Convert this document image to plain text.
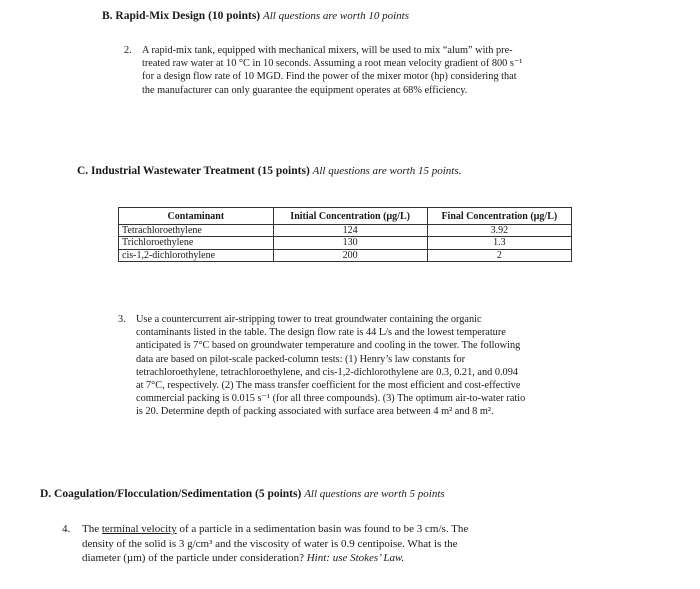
B. Rapid-Mix Design (10 points) All questions are worth 10 points
2. A rapid-mix tank, equipped with mechanical mixers, will be used to mix “alum” with pre-
treated raw water at 10 °C in 10 seconds. Assuming a root mean velocity gradient of 800 s⁻¹
for a design flow rate of 10 MGD. Find the power of the mixer motor (hp) considering that
the manufacturer can only guarantee the equipment operates at 68% efficiency.
C. Industrial Wastewater Treatment (15 points) All questions are worth 15 points.
Contaminant	Initial Concentration (µg/L)	Final Concentration (µg/L)
Tetrachloroethylene	124	3.92
Trichloroethylene	130	1.3
cis-1,2-dichlorothylene	200	2
3. Use a countercurrent air-stripping tower to treat groundwater containing the organic
contaminants listed in the table. The design flow rate is 44 L/s and the lowest temperature
anticipated is 7°C based on groundwater temperature and cooling in the tower. The following
data are based on pilot-scale packed-column tests: (1) Henry’s law constants for
tetrachloroethylene, tetrachloroethylene, and cis-1,2-dichlorothylene are 0.3, 0.21, and 0.094
at 7°C, respectively. (2) The mass transfer coefficient for the most efficient and cost-effective
commercial packing is 0.015 s⁻¹ (for all three compounds). (3) The optimum air-to-water ratio
is 20. Determine depth of packing associated with surface area between 4 m² and 8 m².
D. Coagulation/Flocculation/Sedimentation (5 points) All questions are worth 5 points
4. The terminal velocity of a particle in a sedimentation basin was found to be 3 cm/s. The
density of the solid is 3 g/cm³ and the viscosity of water is 0.9 centipoise. What is the
diameter (µm) of the particle under consideration? Hint: use Stokes’ Law.
